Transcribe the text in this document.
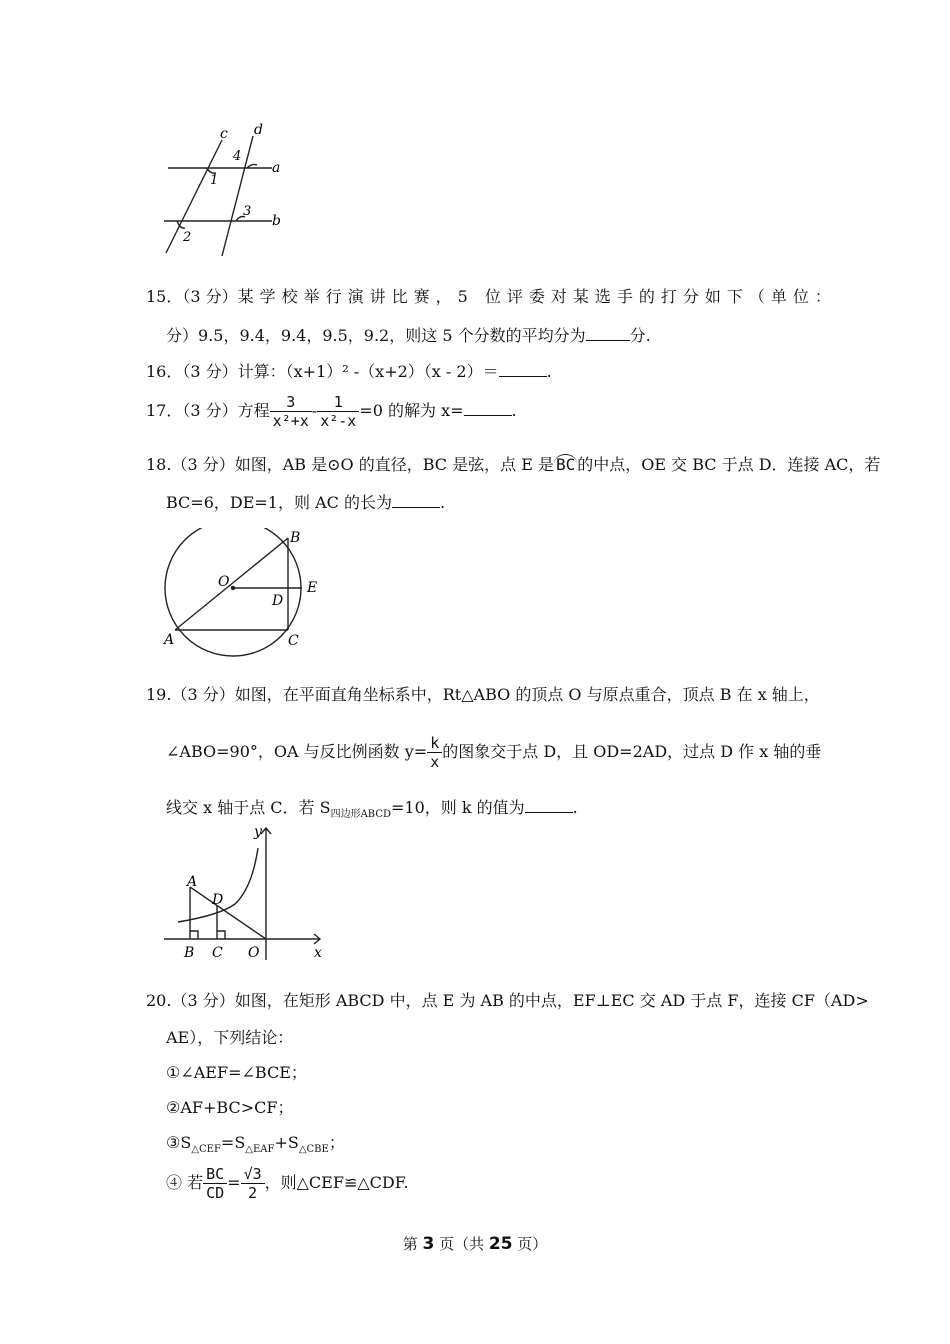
c d
a
b
1
2
3
4
15．（3 分）某学校举行演讲比赛，5 位评委对某选手的打分如下（单位：
分）9.5，9.4，9.4，9.5，9.2，则这 5 个分数的平均分为	分.
16．（3 分）计算：（x+1）² -（x+2）（x - 2）＝	.
17．（3 分）方程 $\frac{3}{\text{x²+x}} - \frac{1}{\text{x²-x}} =0$ 的解为 x=	.
18.（3 分）如图，AB 是⊙O 的直径，BC 是弦，点 E 是 BC 的中点，OE 交 BC 于点 D．连接 AC，若
BC=6，DE=1，则 AC 的长为	.
B
O	E
D
A	C
19.（3 分）如图，在平面直角坐标系中，Rt△ABO 的顶点 O 与原点重合，顶点 B 在 x 轴上，
∠ABO=90°，OA 与反比例函数 $y= \frac{k}{x}$ 的图象交于点 D，且 OD=2AD，过点 D 作 x 轴的垂
线交 x 轴于点 C．若 $S_{四边形ABCD}=10$，则 k 的值为	.
y
A
D
B C O	x
20.（3 分）如图，在矩形 ABCD 中，点 E 为 AB 的中点，EF⊥EC 交 AD 于点 F，连接 CF（AD>
AE），下列结论：
①∠AEF=∠BCE；
②AF+BC>CF；
$③S_{\triangle CEF}=S_{\triangle EAF}+S_{\triangle CBE}$；
④ 若 $\frac{BC}{CD} = \frac{√3}{2}$ ，则△CEF≌△CDF.
第 3 页（共 25 页）
